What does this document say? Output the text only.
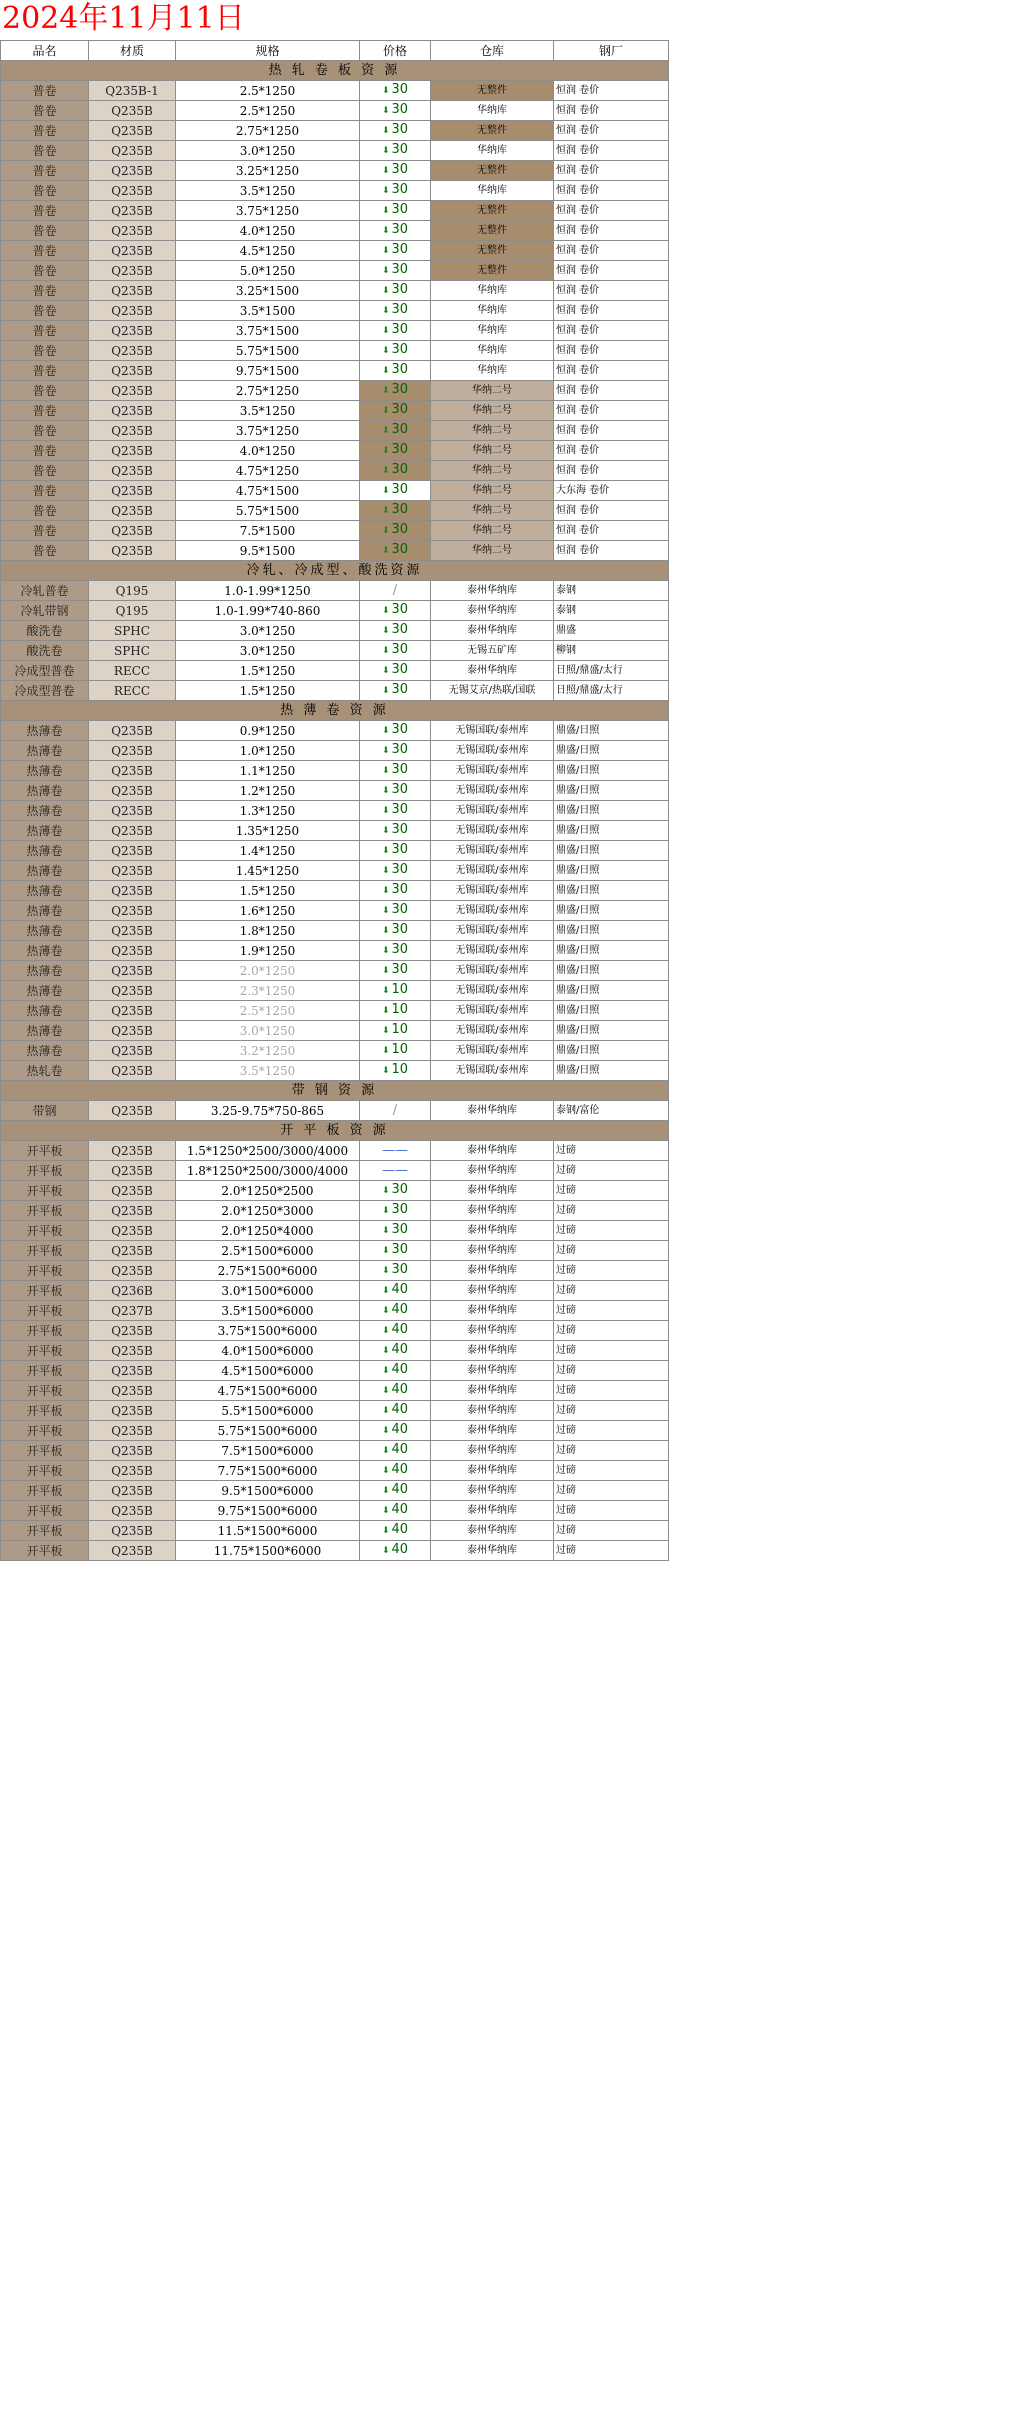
2024年11月11日
品名	材质	规格	价格	仓库	钢厂
热 轧 卷 板 资 源					
普卷	Q235B-1	2.5*1250	⬇ 30	无整件	恒润 卷价
普卷	Q235B	2.5*1250	⬇ 30	华纳库	恒润 卷价
普卷	Q235B	2.75*1250	⬇ 30	无整件	恒润 卷价
普卷	Q235B	3.0*1250	⬇ 30	华纳库	恒润 卷价
普卷	Q235B	3.25*1250	⬇ 30	无整件	恒润 卷价
普卷	Q235B	3.5*1250	⬇ 30	华纳库	恒润 卷价
普卷	Q235B	3.75*1250	⬇ 30	无整件	恒润 卷价
普卷	Q235B	4.0*1250	⬇ 30	无整件	恒润 卷价
普卷	Q235B	4.5*1250	⬇ 30	无整件	恒润 卷价
普卷	Q235B	5.0*1250	⬇ 30	无整件	恒润 卷价
普卷	Q235B	3.25*1500	⬇ 30	华纳库	恒润 卷价
普卷	Q235B	3.5*1500	⬇ 30	华纳库	恒润 卷价
普卷	Q235B	3.75*1500	⬇ 30	华纳库	恒润 卷价
普卷	Q235B	5.75*1500	⬇ 30	华纳库	恒润 卷价
普卷	Q235B	9.75*1500	⬇ 30	华纳库	恒润 卷价
普卷	Q235B	2.75*1250	⬇ 30	华纳二号	恒润 卷价
普卷	Q235B	3.5*1250	⬇ 30	华纳二号	恒润 卷价
普卷	Q235B	3.75*1250	⬇ 30	华纳二号	恒润 卷价
普卷	Q235B	4.0*1250	⬇ 30	华纳二号	恒润 卷价
普卷	Q235B	4.75*1250	⬇ 30	华纳二号	恒润 卷价
普卷	Q235B	4.75*1500	⬇ 30	华纳二号	大东海 卷价
普卷	Q235B	5.75*1500	⬇ 30	华纳二号	恒润 卷价
普卷	Q235B	7.5*1500	⬇ 30	华纳二号	恒润 卷价
普卷	Q235B	9.5*1500	⬇ 30	华纳二号	恒润 卷价
冷轧、冷成型、酸洗资源					
冷轧普卷	Q195	1.0-1.99*1250	/	泰州华纳库	泰钢
冷轧带钢	Q195	1.0-1.99*740-860	⬇ 30	泰州华纳库	泰钢
酸洗卷	SPHC	3.0*1250	⬇ 30	泰州华纳库	鼎盛
酸洗卷	SPHC	3.0*1250	⬇ 30	无锡五矿库	柳钢
冷成型普卷	RECC	1.5*1250	⬇ 30	泰州华纳库	日照/鼎盛/太行
冷成型普卷	RECC	1.5*1250	⬇ 30	无锡艾京/热联/国联	日照/鼎盛/太行
热 薄 卷 资 源					
热薄卷	Q235B	0.9*1250	⬇ 30	无锡国联/泰州库	鼎盛/日照
热薄卷	Q235B	1.0*1250	⬇ 30	无锡国联/泰州库	鼎盛/日照
热薄卷	Q235B	1.1*1250	⬇ 30	无锡国联/泰州库	鼎盛/日照
热薄卷	Q235B	1.2*1250	⬇ 30	无锡国联/泰州库	鼎盛/日照
热薄卷	Q235B	1.3*1250	⬇ 30	无锡国联/泰州库	鼎盛/日照
热薄卷	Q235B	1.35*1250	⬇ 30	无锡国联/泰州库	鼎盛/日照
热薄卷	Q235B	1.4*1250	⬇ 30	无锡国联/泰州库	鼎盛/日照
热薄卷	Q235B	1.45*1250	⬇ 30	无锡国联/泰州库	鼎盛/日照
热薄卷	Q235B	1.5*1250	⬇ 30	无锡国联/泰州库	鼎盛/日照
热薄卷	Q235B	1.6*1250	⬇ 30	无锡国联/泰州库	鼎盛/日照
热薄卷	Q235B	1.8*1250	⬇ 30	无锡国联/泰州库	鼎盛/日照
热薄卷	Q235B	1.9*1250	⬇ 30	无锡国联/泰州库	鼎盛/日照
热薄卷	Q235B	2.0*1250	⬇ 30	无锡国联/泰州库	鼎盛/日照
热薄卷	Q235B	2.3*1250	⬇ 10	无锡国联/泰州库	鼎盛/日照
热薄卷	Q235B	2.5*1250	⬇ 10	无锡国联/泰州库	鼎盛/日照
热薄卷	Q235B	3.0*1250	⬇ 10	无锡国联/泰州库	鼎盛/日照
热薄卷	Q235B	3.2*1250	⬇ 10	无锡国联/泰州库	鼎盛/日照
热轧卷	Q235B	3.5*1250	⬇ 10	无锡国联/泰州库	鼎盛/日照
带 钢 资 源					
带钢	Q235B	3.25-9.75*750-865	/	泰州华纳库	泰钢/富伦
开 平 板 资 源					
开平板	Q235B	1.5*1250*2500/3000/4000	——	泰州华纳库	过磅
开平板	Q235B	1.8*1250*2500/3000/4000	——	泰州华纳库	过磅
开平板	Q235B	2.0*1250*2500	⬇ 30	泰州华纳库	过磅
开平板	Q235B	2.0*1250*3000	⬇ 30	泰州华纳库	过磅
开平板	Q235B	2.0*1250*4000	⬇ 30	泰州华纳库	过磅
开平板	Q235B	2.5*1500*6000	⬇ 30	泰州华纳库	过磅
开平板	Q235B	2.75*1500*6000	⬇ 30	泰州华纳库	过磅
开平板	Q236B	3.0*1500*6000	⬇ 40	泰州华纳库	过磅
开平板	Q237B	3.5*1500*6000	⬇ 40	泰州华纳库	过磅
开平板	Q235B	3.75*1500*6000	⬇ 40	泰州华纳库	过磅
开平板	Q235B	4.0*1500*6000	⬇ 40	泰州华纳库	过磅
开平板	Q235B	4.5*1500*6000	⬇ 40	泰州华纳库	过磅
开平板	Q235B	4.75*1500*6000	⬇ 40	泰州华纳库	过磅
开平板	Q235B	5.5*1500*6000	⬇ 40	泰州华纳库	过磅
开平板	Q235B	5.75*1500*6000	⬇ 40	泰州华纳库	过磅
开平板	Q235B	7.5*1500*6000	⬇ 40	泰州华纳库	过磅
开平板	Q235B	7.75*1500*6000	⬇ 40	泰州华纳库	过磅
开平板	Q235B	9.5*1500*6000	⬇ 40	泰州华纳库	过磅
开平板	Q235B	9.75*1500*6000	⬇ 40	泰州华纳库	过磅
开平板	Q235B	11.5*1500*6000	⬇ 40	泰州华纳库	过磅
开平板	Q235B	11.75*1500*6000	⬇ 40	泰州华纳库	过磅
